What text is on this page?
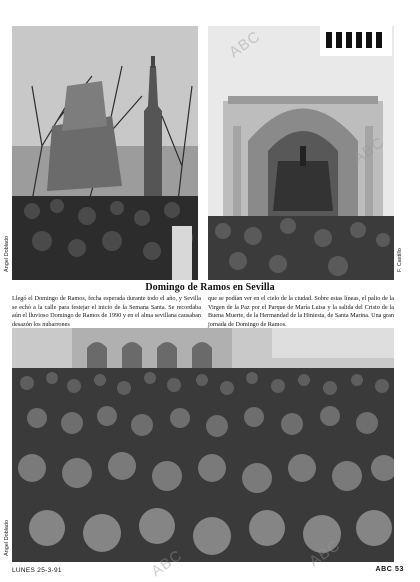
Ángel Doblado	F. Castillo
Domingo de Ramos en Sevilla

Llegó el Domingo de Ramos, fecha esperada durante todo el año, y Sevilla se echó a la calle para festejar el inicio de la Semana Santa. Se recordaba aún el lluvioso Domingo de Ramos de 1990 y en el alma sevillana causaban desazón los nubarrones

que se podían ver en el cielo de la ciudad. Sobre estas líneas, el palio de la Virgen de la Paz por el Parque de María Luisa y la salida del Cristo de la Buena Muerte, de la Hermandad de la Hiniesta, de Santa Marina. Una gran jornada de Domingo de Ramos.

Ángel Doblado
LUNES 25-3-91	ABC 53
ABC
ABC
ABC	ABC
